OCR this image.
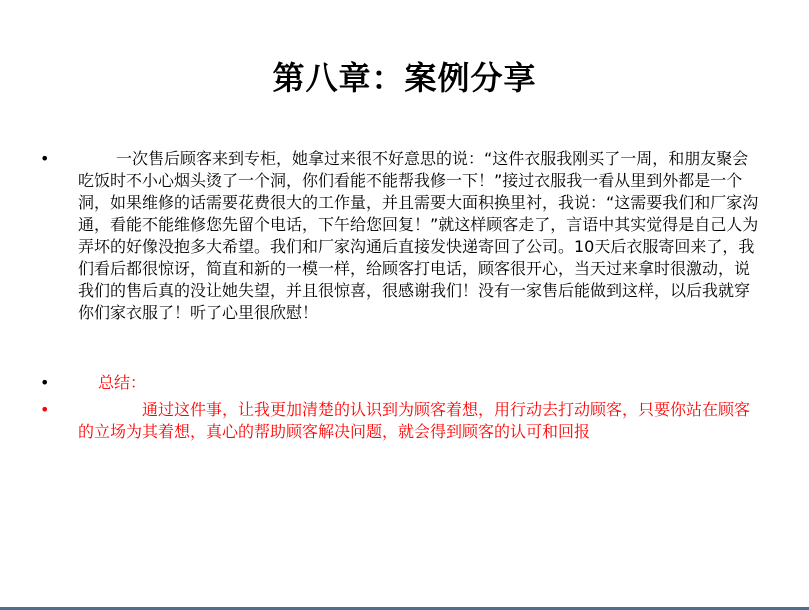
第八章：案例分享
•	一次售后顾客来到专柜，她拿过来很不好意思的说：“这件衣服我刚买了一周，和朋友聚会吃饭时不小心烟头烫了一个洞，你们看能不能帮我修一下！”接过衣服我一看从里到外都是一个洞，如果维修的话需要花费很大的工作量，并且需要大面积换里衬，我说：“这需要我们和厂家沟通，看能不能维修您先留个电话，下午给您回复！”就这样顾客走了，言语中其实觉得是自己人为弄坏的好像没抱多大希望。我们和厂家沟通后直接发快递寄回了公司。10天后衣服寄回来了，我们看后都很惊讶，简直和新的一模一样，给顾客打电话，顾客很开心，当天过来拿时很激动，说我们的售后真的没让她失望，并且很惊喜，很感谢我们！没有一家售后能做到这样，以后我就穿你们家衣服了！听了心里很欣慰！
•	总结：
•	通过这件事，让我更加清楚的认识到为顾客着想，用行动去打动顾客，只要你站在顾客的立场为其着想，真心的帮助顾客解决问题，就会得到顾客的认可和回报
